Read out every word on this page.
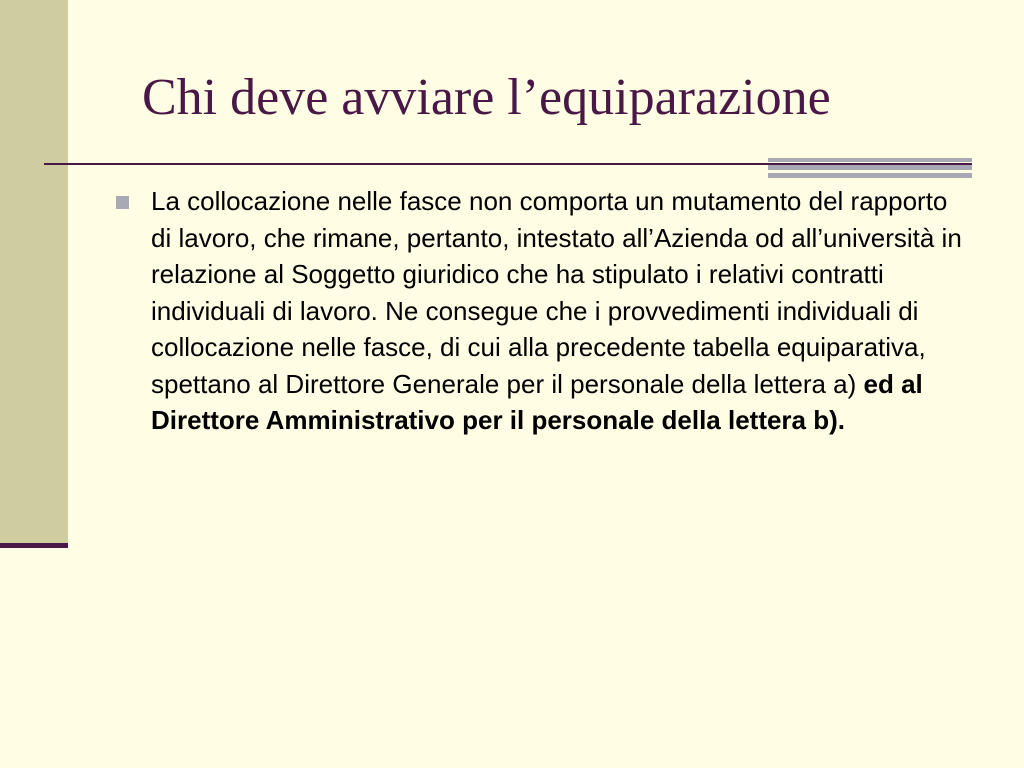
Chi deve avviare l’equiparazione
La collocazione nelle fasce non comporta un mutamento del rapporto di lavoro, che rimane, pertanto, intestato all’Azienda od all’università in relazione al Soggetto giuridico che ha stipulato i relativi contratti individuali di lavoro. Ne consegue che i provvedimenti individuali di collocazione nelle fasce, di cui alla precedente tabella equiparativa, spettano al Direttore Generale per il personale della lettera a) ed al Direttore Amministrativo per il personale della lettera b).
